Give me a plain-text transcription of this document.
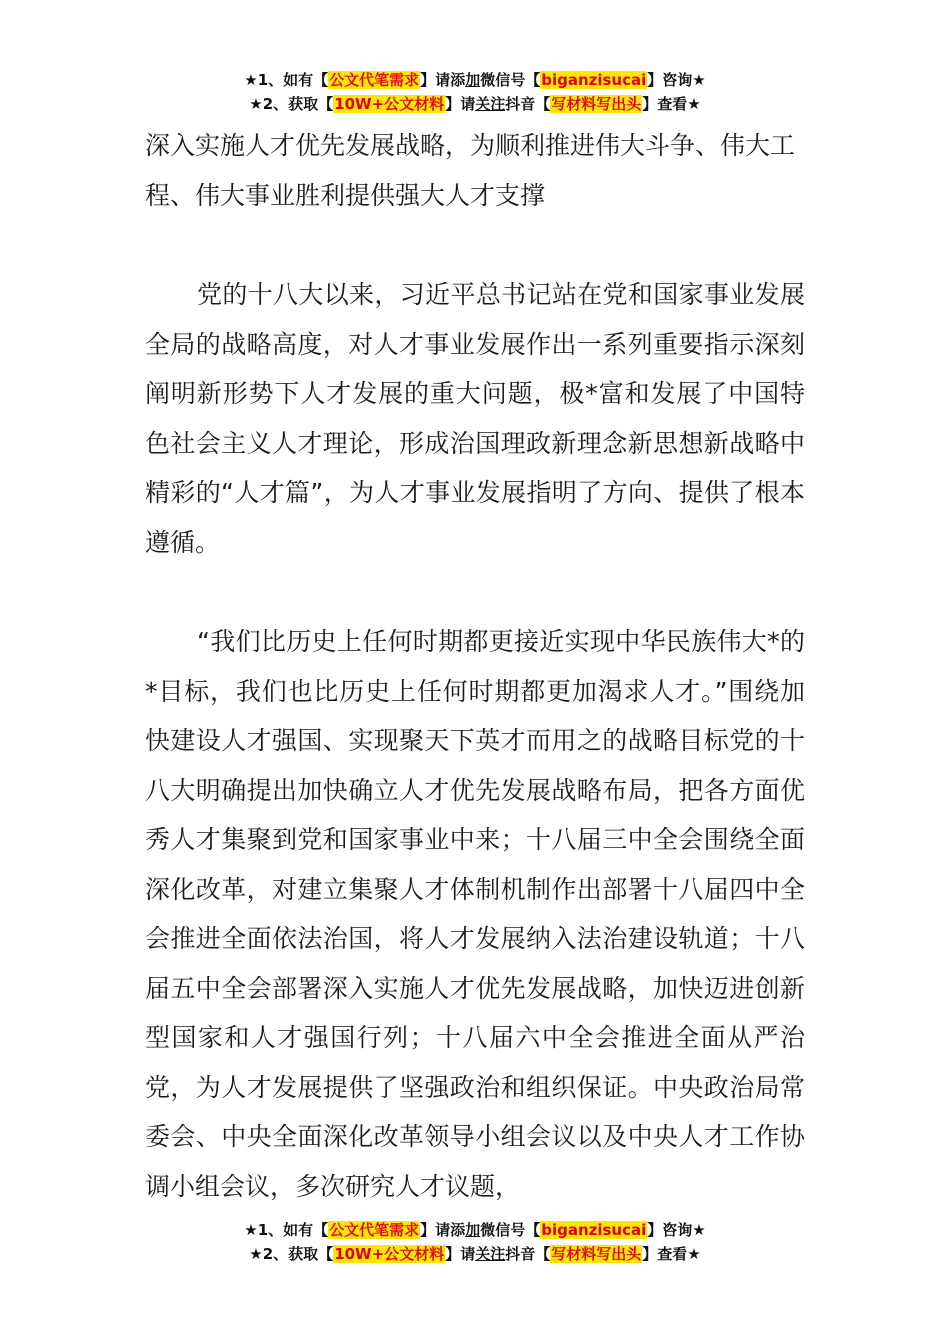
★1、如有【公文代笔需求】请添加微信号【biganzisucai】咨询★
★2、获取【10W+公文材料】请关注抖音【写材料写出头】查看★

深入实施人才优先发展战略，为顺利推进伟大斗争、伟大工程、伟大事业胜利提供强大人才支撑

党的十八大以来，习近平总书记站在党和国家事业发展全局的战略高度，对人才事业发展作出一系列重要指示深刻阐明新形势下人才发展的重大问题，极*富和发展了中国特色社会主义人才理论，形成治国理政新理念新思想新战略中精彩的“人才篇”，为人才事业发展指明了方向、提供了根本遵循。

“我们比历史上任何时期都更接近实现中华民族伟大*的*目标，我们也比历史上任何时期都更加渴求人才。”围绕加快建设人才强国、实现聚天下英才而用之的战略目标党的十八大明确提出加快确立人才优先发展战略布局，把各方面优秀人才集聚到党和国家事业中来；十八届三中全会围绕全面深化改革，对建立集聚人才体制机制作出部署十八届四中全会推进全面依法治国，将人才发展纳入法治建设轨道；十八届五中全会部署深入实施人才优先发展战略，加快迈进创新型国家和人才强国行列；十八届六中全会推进全面从严治党，为人才发展提供了坚强政治和组织保证。中央政治局常委会、中央全面深化改革领导小组会议以及中央人才工作协调小组会议，多次研究人才议题，

★1、如有【公文代笔需求】请添加微信号【biganzisucai】咨询★
★2、获取【10W+公文材料】请关注抖音【写材料写出头】查看★
